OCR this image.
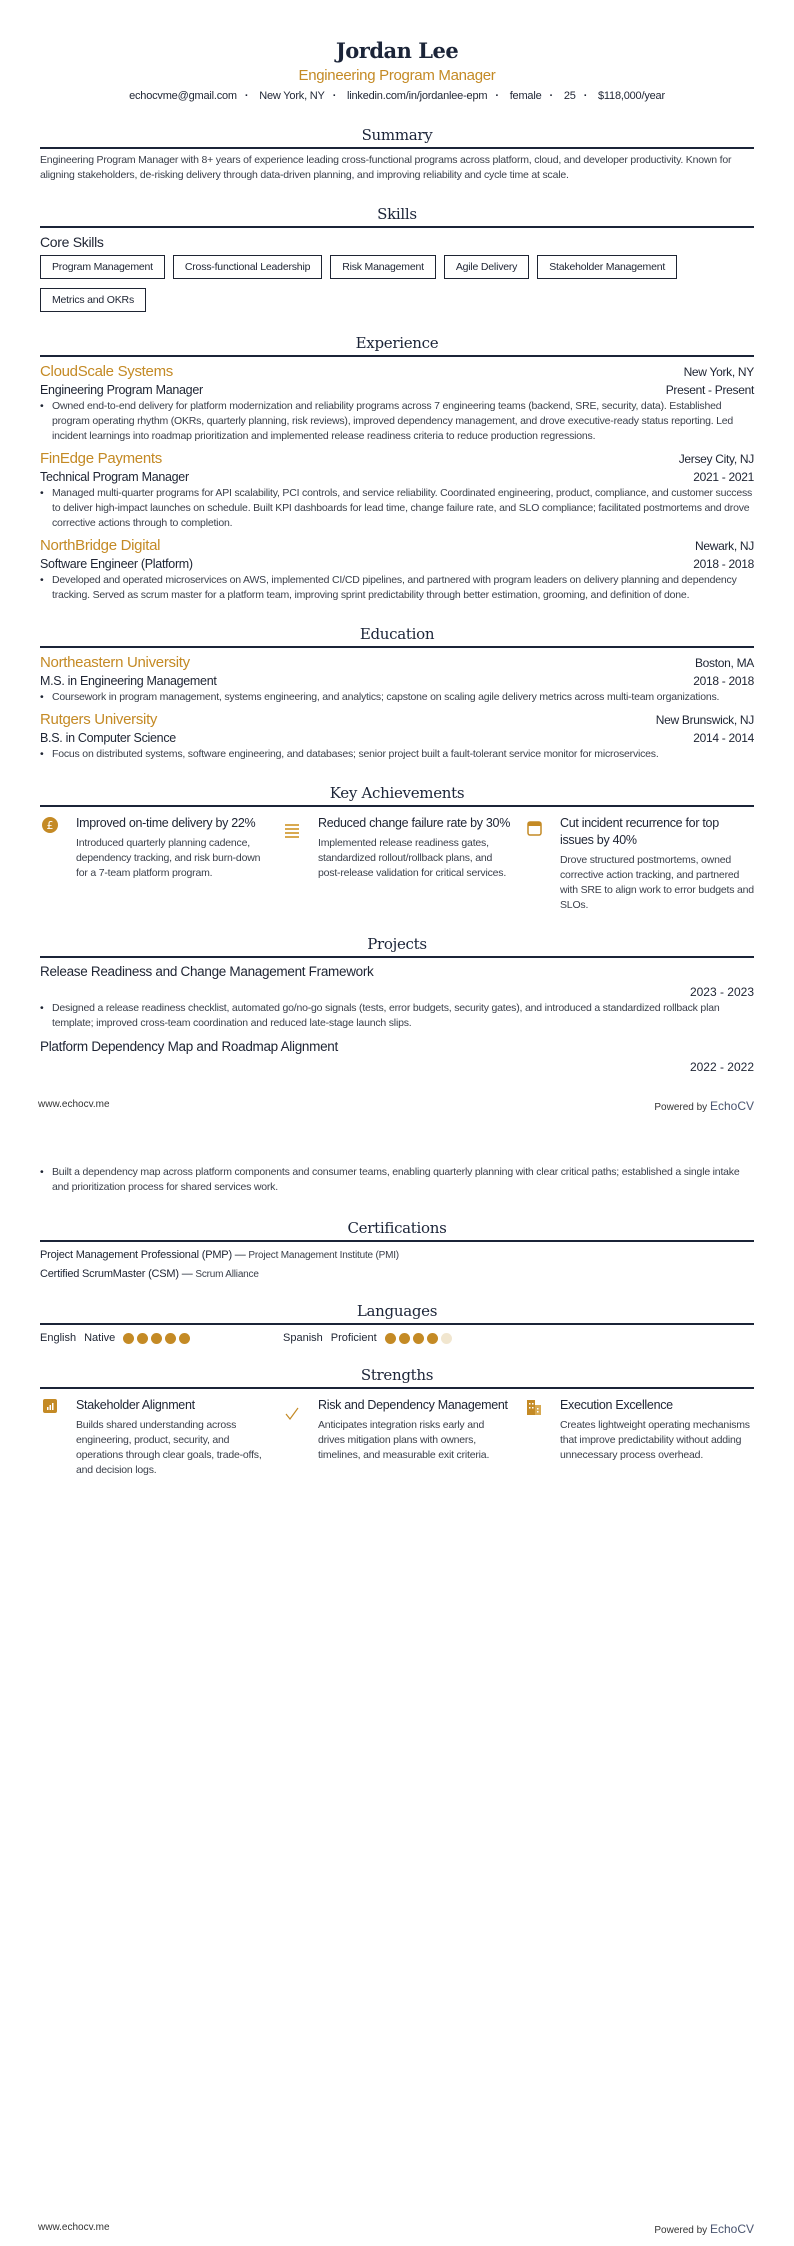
Jordan Lee
Engineering Program Manager
echocvme@gmail.com · New York, NY · linkedin.com/in/jordanlee-epm · female · 25 · $118,000/year
Summary
Engineering Program Manager with 8+ years of experience leading cross-functional programs across platform, cloud, and developer productivity. Known for aligning stakeholders, de-risking delivery through data-driven planning, and improving reliability and cycle time at scale.
Skills
Core Skills
Program Management	Cross-functional Leadership	Risk Management	Agile Delivery	Stakeholder Management
Metrics and OKRs
Experience
CloudScale Systems	New York, NY
Engineering Program Manager	Present - Present
• Owned end-to-end delivery for platform modernization and reliability programs across 7 engineering teams (backend, SRE, security, data). Established program operating rhythm (OKRs, quarterly planning, risk reviews), improved dependency management, and drove executive-ready status reporting. Led incident learnings into roadmap prioritization and implemented release readiness criteria to reduce production regressions.
FinEdge Payments	Jersey City, NJ
Technical Program Manager	2021 - 2021
• Managed multi-quarter programs for API scalability, PCI controls, and service reliability. Coordinated engineering, product, compliance, and customer success to deliver high-impact launches on schedule. Built KPI dashboards for lead time, change failure rate, and SLO compliance; facilitated postmortems and drove corrective actions through to completion.
NorthBridge Digital	Newark, NJ
Software Engineer (Platform)	2018 - 2018
• Developed and operated microservices on AWS, implemented CI/CD pipelines, and partnered with program leaders on delivery planning and dependency tracking. Served as scrum master for a platform team, improving sprint predictability through better estimation, grooming, and definition of done.
Education
Northeastern University	Boston, MA
M.S. in Engineering Management	2018 - 2018
• Coursework in program management, systems engineering, and analytics; capstone on scaling agile delivery metrics across multi-team organizations.
Rutgers University	New Brunswick, NJ
B.S. in Computer Science	2014 - 2014
• Focus on distributed systems, software engineering, and databases; senior project built a fault-tolerant service monitor for microservices.
Key Achievements
£ Improved on-time delivery by 22%
Introduced quarterly planning cadence, dependency tracking, and risk burn-down for a 7-team platform program.
Reduced change failure rate by 30%
Implemented release readiness gates, standardized rollout/rollback plans, and post-release validation for critical services.
Cut incident recurrence for top issues by 40%
Drove structured postmortems, owned corrective action tracking, and partnered with SRE to align work to error budgets and SLOs.
Projects
Release Readiness and Change Management Framework
2023 - 2023
• Designed a release readiness checklist, automated go/no-go signals (tests, error budgets, security gates), and introduced a standardized rollback plan template; improved cross-team coordination and reduced late-stage launch slips.
Platform Dependency Map and Roadmap Alignment
2022 - 2022
www.echocv.me	Powered by EchoCV
• Built a dependency map across platform components and consumer teams, enabling quarterly planning with clear critical paths; established a single intake and prioritization process for shared services work.
Certifications
Project Management Professional (PMP) — Project Management Institute (PMI)
Certified ScrumMaster (CSM) — Scrum Alliance
Languages
English Native	Spanish Proficient
Strengths
Stakeholder Alignment
Builds shared understanding across engineering, product, security, and operations through clear goals, trade-offs, and decision logs.
Risk and Dependency Management
Anticipates integration risks early and drives mitigation plans with owners, timelines, and measurable exit criteria.
Execution Excellence
Creates lightweight operating mechanisms that improve predictability without adding unnecessary process overhead.
www.echocv.me	Powered by EchoCV
